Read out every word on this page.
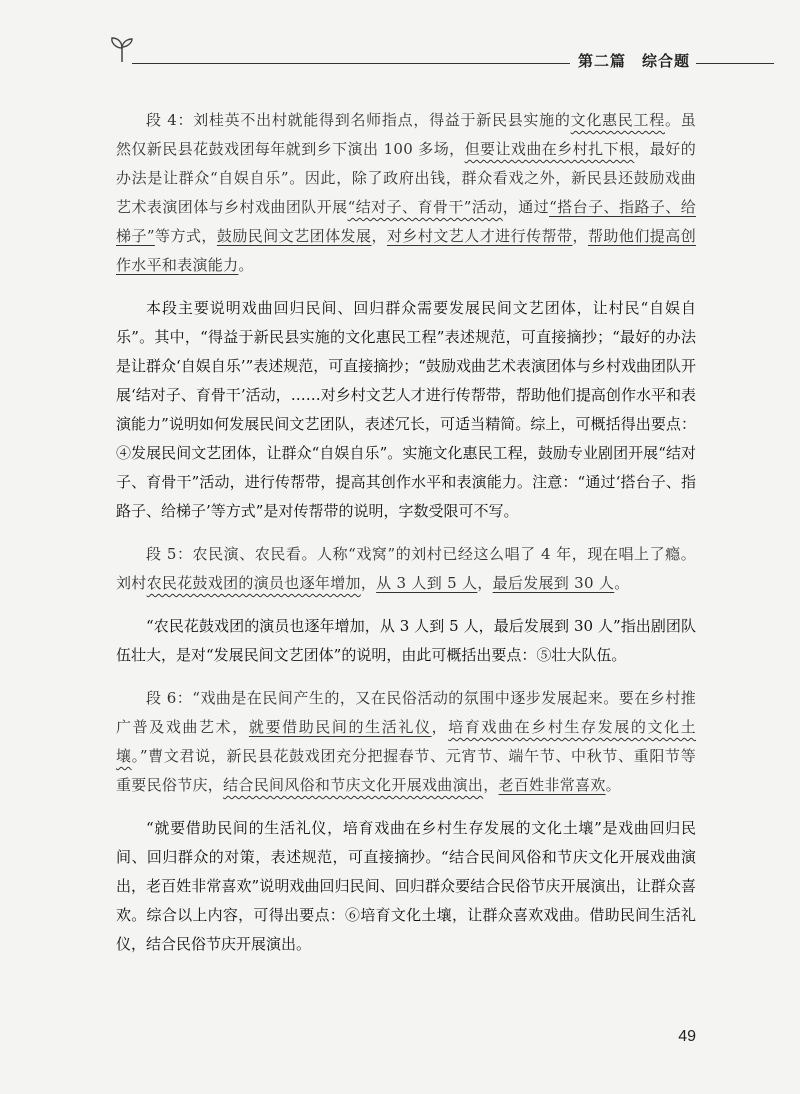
第二篇　综合题

段 4：刘桂英不出村就能得到名师指点，得益于新民县实施的文化惠民工程。虽然仅新民县花鼓戏团每年就到乡下演出 100 多场，但要让戏曲在乡村扎下根，最好的办法是让群众“自娱自乐”。因此，除了政府出钱，群众看戏之外，新民县还鼓励戏曲艺术表演团体与乡村戏曲团队开展“结对子、育骨干”活动，通过“搭台子、指路子、给梯子”等方式，鼓励民间文艺团体发展，对乡村文艺人才进行传帮带，帮助他们提高创作水平和表演能力。

本段主要说明戏曲回归民间、回归群众需要发展民间文艺团体，让村民“自娱自乐”。其中，“得益于新民县实施的文化惠民工程”表述规范，可直接摘抄；“最好的办法是让群众‘自娱自乐’”表述规范，可直接摘抄；“鼓励戏曲艺术表演团体与乡村戏曲团队开展‘结对子、育骨干’活动，……对乡村文艺人才进行传帮带，帮助他们提高创作水平和表演能力”说明如何发展民间文艺团队，表述冗长，可适当精简。综上，可概括得出要点：④发展民间文艺团体，让群众“自娱自乐”。实施文化惠民工程，鼓励专业剧团开展“结对子、育骨干”活动，进行传帮带，提高其创作水平和表演能力。注意：“通过‘搭台子、指路子、给梯子’等方式”是对传帮带的说明，字数受限可不写。

段 5：农民演、农民看。人称“戏窝”的刘村已经这么唱了 4 年，现在唱上了瘾。刘村农民花鼓戏团的演员也逐年增加，从 3 人到 5 人，最后发展到 30 人。

“农民花鼓戏团的演员也逐年增加，从 3 人到 5 人，最后发展到 30 人”指出剧团队伍壮大，是对“发展民间文艺团体”的说明，由此可概括出要点：⑤壮大队伍。

段 6：“戏曲是在民间产生的，又在民俗活动的氛围中逐步发展起来。要在乡村推广普及戏曲艺术，就要借助民间的生活礼仪，培育戏曲在乡村生存发展的文化土壤。”曹文君说，新民县花鼓戏团充分把握春节、元宵节、端午节、中秋节、重阳节等重要民俗节庆，结合民间风俗和节庆文化开展戏曲演出，老百姓非常喜欢。

“就要借助民间的生活礼仪，培育戏曲在乡村生存发展的文化土壤”是戏曲回归民间、回归群众的对策，表述规范，可直接摘抄。“结合民间风俗和节庆文化开展戏曲演出，老百姓非常喜欢”说明戏曲回归民间、回归群众要结合民俗节庆开展演出，让群众喜欢。综合以上内容，可得出要点：⑥培育文化土壤，让群众喜欢戏曲。借助民间生活礼仪，结合民俗节庆开展演出。

49
